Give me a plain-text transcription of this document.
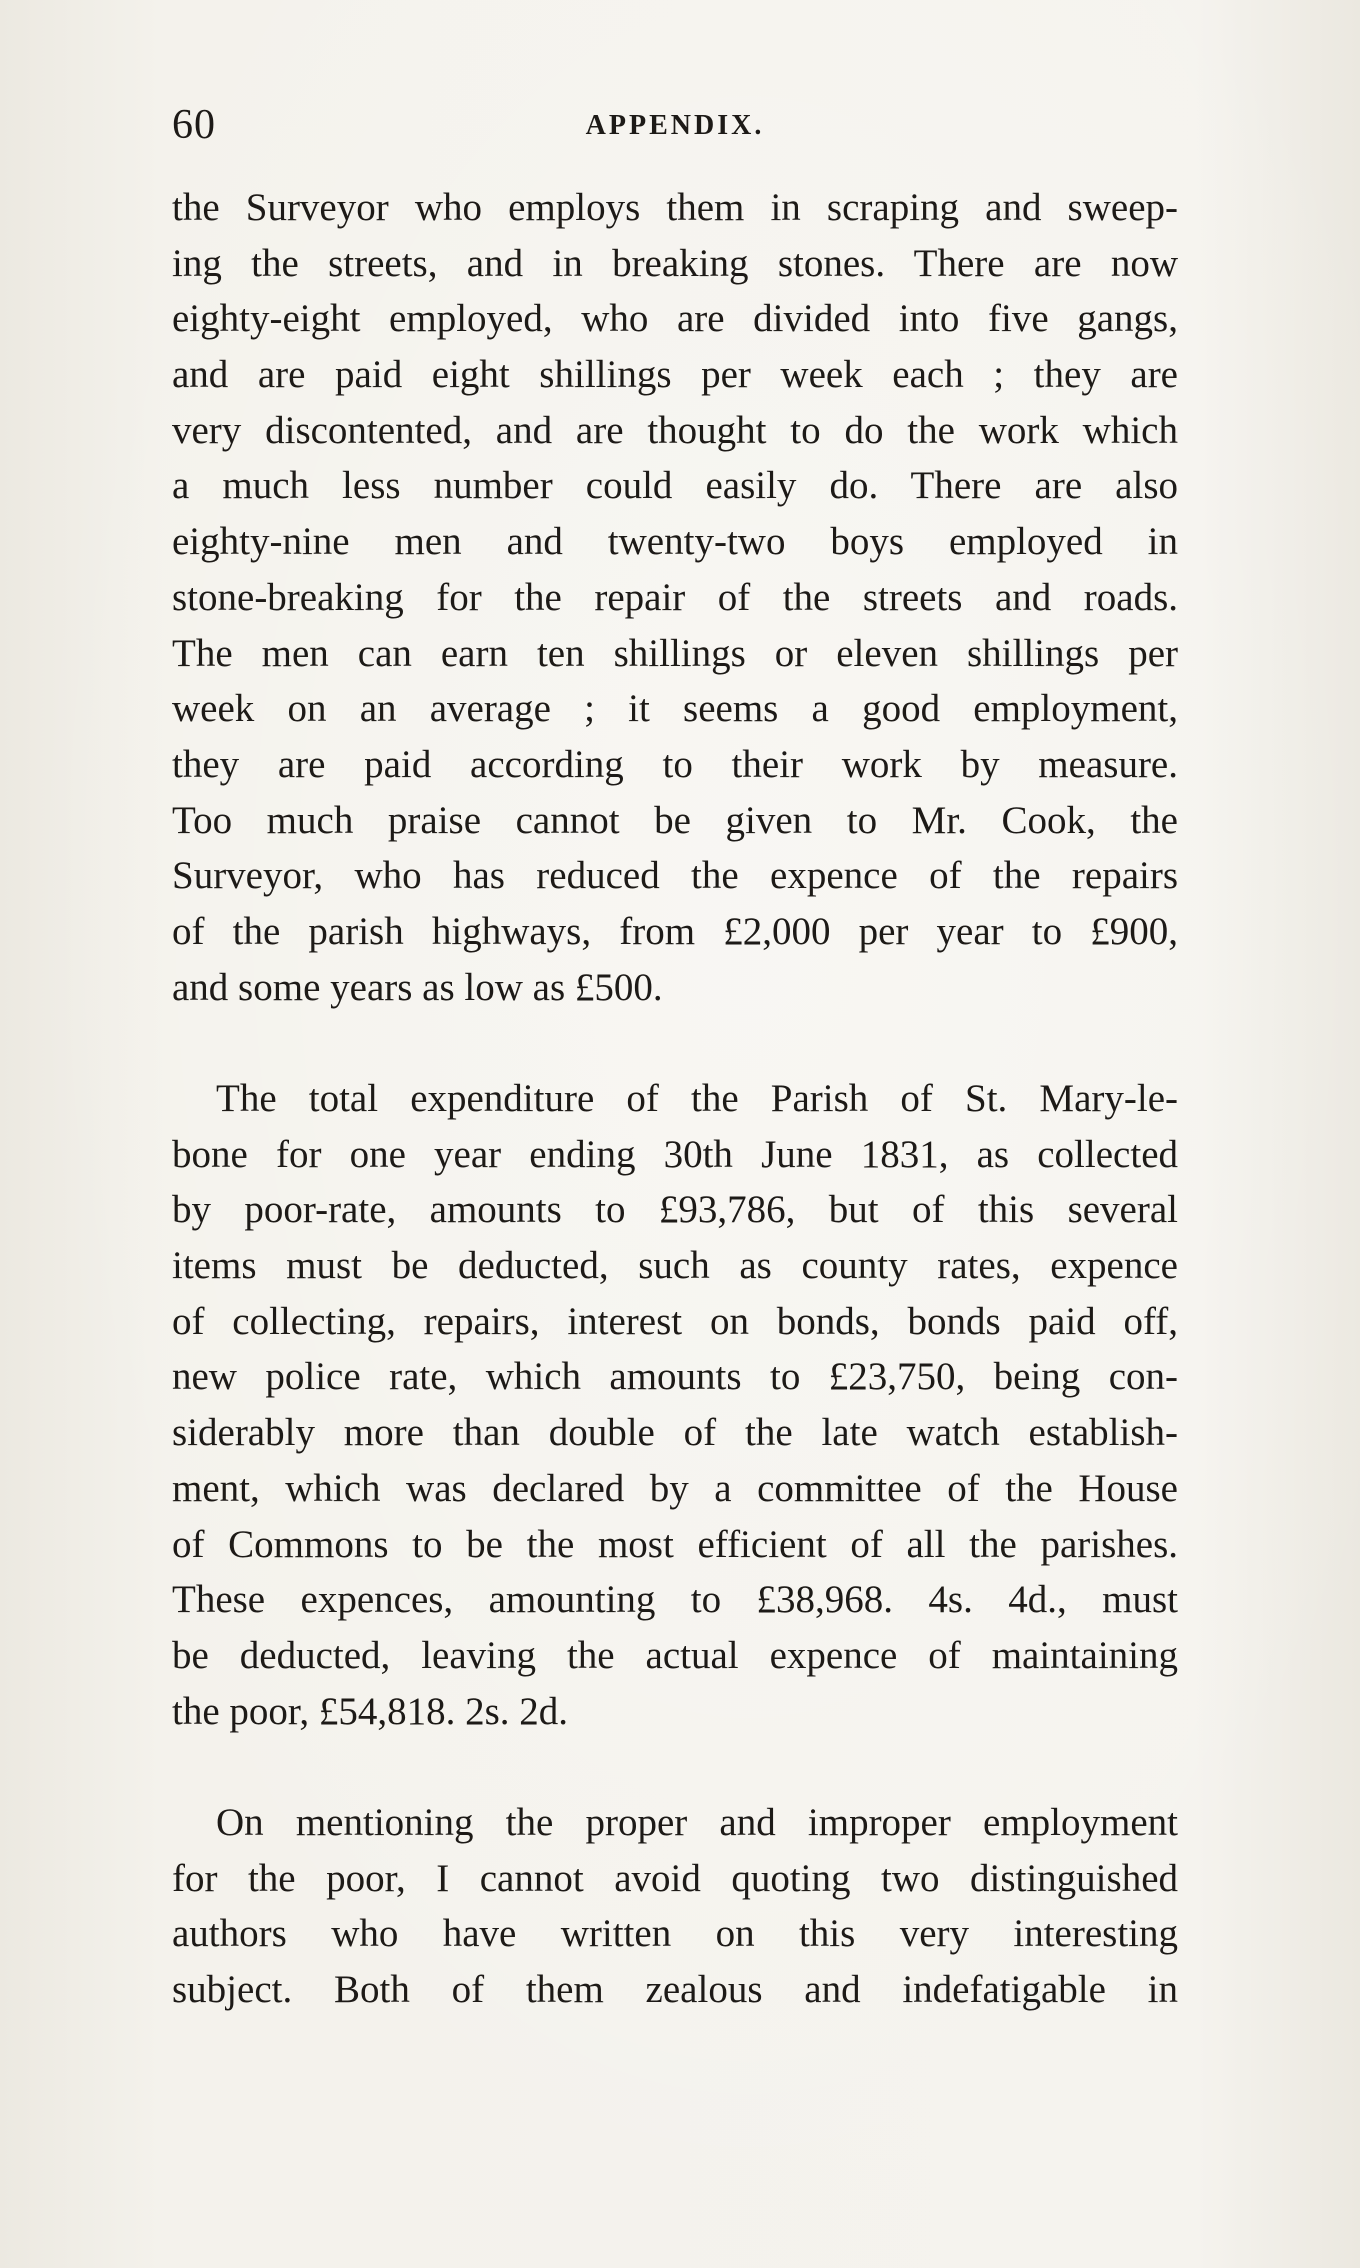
60	APPENDIX.

the Surveyor who employs them in scraping and sweep-
ing the streets, and in breaking stones. There are now
eighty-eight employed, who are divided into five gangs,
and are paid eight shillings per week each ; they are
very discontented, and are thought to do the work which
a much less number could easily do. There are also
eighty-nine men and twenty-two boys employed in
stone-breaking for the repair of the streets and roads.
The men can earn ten shillings or eleven shillings per
week on an average ; it seems a good employment,
they are paid according to their work by measure.
Too much praise cannot be given to Mr. Cook, the
Surveyor, who has reduced the expence of the repairs
of the parish highways, from £2,000 per year to £900,
and some years as low as £500.

The total expenditure of the Parish of St. Mary-le-
bone for one year ending 30th June 1831, as collected
by poor-rate, amounts to £93,786, but of this several
items must be deducted, such as county rates, expence
of collecting, repairs, interest on bonds, bonds paid off,
new police rate, which amounts to £23,750, being con-
siderably more than double of the late watch establish-
ment, which was declared by a committee of the House
of Commons to be the most efficient of all the parishes.
These expences, amounting to £38,968. 4s. 4d., must
be deducted, leaving the actual expence of maintaining
the poor, £54,818. 2s. 2d.

On mentioning the proper and improper employment
for the poor, I cannot avoid quoting two distinguished
authors who have written on this very interesting
subject. Both of them zealous and indefatigable in
